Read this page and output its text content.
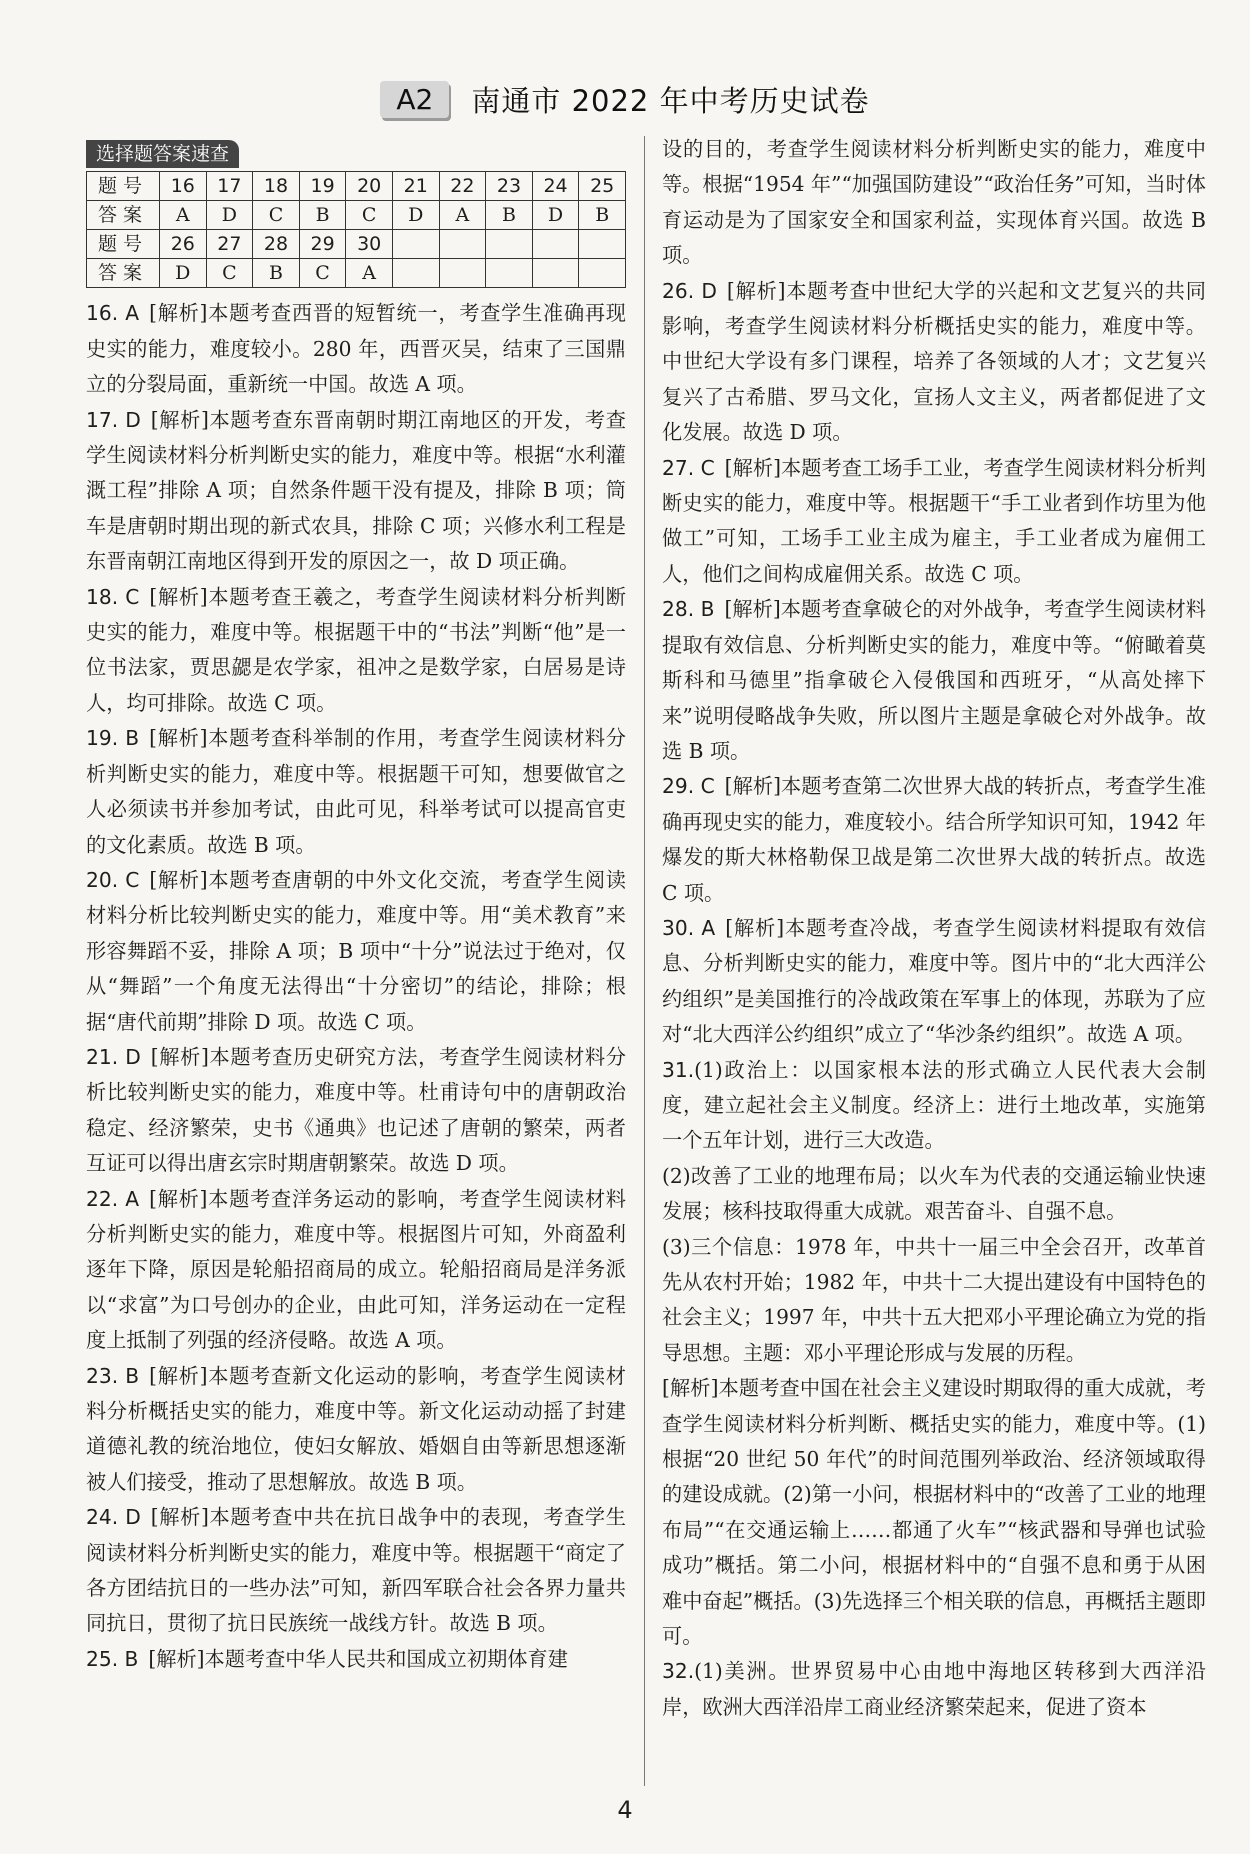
A2	南通市 2022 年中考历史试卷
选择题答案速查
题号	16	17	18	19	20	21	22	23	24	25
答案	A	D	C	B	C	D	A	B	D	B
题号	26	27	28	29	30					
答案	D	C	B	C	A					

16. A [解析]本题考查西晋的短暂统一，考查学生准确再现史实的能力，难度较小。280 年，西晋灭吴，结束了三国鼎立的分裂局面，重新统一中国。故选 A 项。

17. D [解析]本题考查东晋南朝时期江南地区的开发，考查学生阅读材料分析判断史实的能力，难度中等。根据“水利灌溉工程”排除 A 项；自然条件题干没有提及，排除 B 项；筒车是唐朝时期出现的新式农具，排除 C 项；兴修水利工程是东晋南朝江南地区得到开发的原因之一，故 D 项正确。

18. C [解析]本题考查王羲之，考查学生阅读材料分析判断史实的能力，难度中等。根据题干中的“书法”判断“他”是一位书法家，贾思勰是农学家，祖冲之是数学家，白居易是诗人，均可排除。故选 C 项。

19. B [解析]本题考查科举制的作用，考查学生阅读材料分析判断史实的能力，难度中等。根据题干可知，想要做官之人必须读书并参加考试，由此可见，科举考试可以提高官吏的文化素质。故选 B 项。

20. C [解析]本题考查唐朝的中外文化交流，考查学生阅读材料分析比较判断史实的能力，难度中等。用“美术教育”来形容舞蹈不妥，排除 A 项；B 项中“十分”说法过于绝对，仅从“舞蹈”一个角度无法得出“十分密切”的结论，排除；根据“唐代前期”排除 D 项。故选 C 项。

21. D [解析]本题考查历史研究方法，考查学生阅读材料分析比较判断史实的能力，难度中等。杜甫诗句中的唐朝政治稳定、经济繁荣，史书《通典》也记述了唐朝的繁荣，两者互证可以得出唐玄宗时期唐朝繁荣。故选 D 项。

22. A [解析]本题考查洋务运动的影响，考查学生阅读材料分析判断史实的能力，难度中等。根据图片可知，外商盈利逐年下降，原因是轮船招商局的成立。轮船招商局是洋务派以“求富”为口号创办的企业，由此可知，洋务运动在一定程度上抵制了列强的经济侵略。故选 A 项。

23. B [解析]本题考查新文化运动的影响，考查学生阅读材料分析概括史实的能力，难度中等。新文化运动动摇了封建道德礼教的统治地位，使妇女解放、婚姻自由等新思想逐渐被人们接受，推动了思想解放。故选 B 项。

24. D [解析]本题考查中共在抗日战争中的表现，考查学生阅读材料分析判断史实的能力，难度中等。根据题干“商定了各方团结抗日的一些办法”可知，新四军联合社会各界力量共同抗日，贯彻了抗日民族统一战线方针。故选 B 项。

25. B [解析]本题考查中华人民共和国成立初期体育建

设的目的，考查学生阅读材料分析判断史实的能力，难度中等。根据“1954 年”“加强国防建设”“政治任务”可知，当时体育运动是为了国家安全和国家利益，实现体育兴国。故选 B 项。

26. D [解析]本题考查中世纪大学的兴起和文艺复兴的共同影响，考查学生阅读材料分析概括史实的能力，难度中等。中世纪大学设有多门课程，培养了各领域的人才；文艺复兴复兴了古希腊、罗马文化，宣扬人文主义，两者都促进了文化发展。故选 D 项。

27. C [解析]本题考查工场手工业，考查学生阅读材料分析判断史实的能力，难度中等。根据题干“手工业者到作坊里为他做工”可知，工场手工业主成为雇主，手工业者成为雇佣工人，他们之间构成雇佣关系。故选 C 项。

28. B [解析]本题考查拿破仑的对外战争，考查学生阅读材料提取有效信息、分析判断史实的能力，难度中等。“俯瞰着莫斯科和马德里”指拿破仑入侵俄国和西班牙，“从高处摔下来”说明侵略战争失败，所以图片主题是拿破仑对外战争。故选 B 项。

29. C [解析]本题考查第二次世界大战的转折点，考查学生准确再现史实的能力，难度较小。结合所学知识可知，1942 年爆发的斯大林格勒保卫战是第二次世界大战的转折点。故选 C 项。

30. A [解析]本题考查冷战，考查学生阅读材料提取有效信息、分析判断史实的能力，难度中等。图片中的“北大西洋公约组织”是美国推行的冷战政策在军事上的体现，苏联为了应对“北大西洋公约组织”成立了“华沙条约组织”。故选 A 项。

31.(1)政治上：以国家根本法的形式确立人民代表大会制度，建立起社会主义制度。经济上：进行土地改革，实施第一个五年计划，进行三大改造。

(2)改善了工业的地理布局；以火车为代表的交通运输业快速发展；核科技取得重大成就。艰苦奋斗、自强不息。

(3)三个信息：1978 年，中共十一届三中全会召开，改革首先从农村开始；1982 年，中共十二大提出建设有中国特色的社会主义；1997 年，中共十五大把邓小平理论确立为党的指导思想。主题：邓小平理论形成与发展的历程。

[解析]本题考查中国在社会主义建设时期取得的重大成就，考查学生阅读材料分析判断、概括史实的能力，难度中等。(1)根据“20 世纪 50 年代”的时间范围列举政治、经济领域取得的建设成就。(2)第一小问，根据材料中的“改善了工业的地理布局”“在交通运输上……都通了火车”“核武器和导弹也试验成功”概括。第二小问，根据材料中的“自强不息和勇于从困难中奋起”概括。(3)先选择三个相关联的信息，再概括主题即可。

32.(1)美洲。世界贸易中心由地中海地区转移到大西洋沿岸，欧洲大西洋沿岸工商业经济繁荣起来，促进了资本

4
